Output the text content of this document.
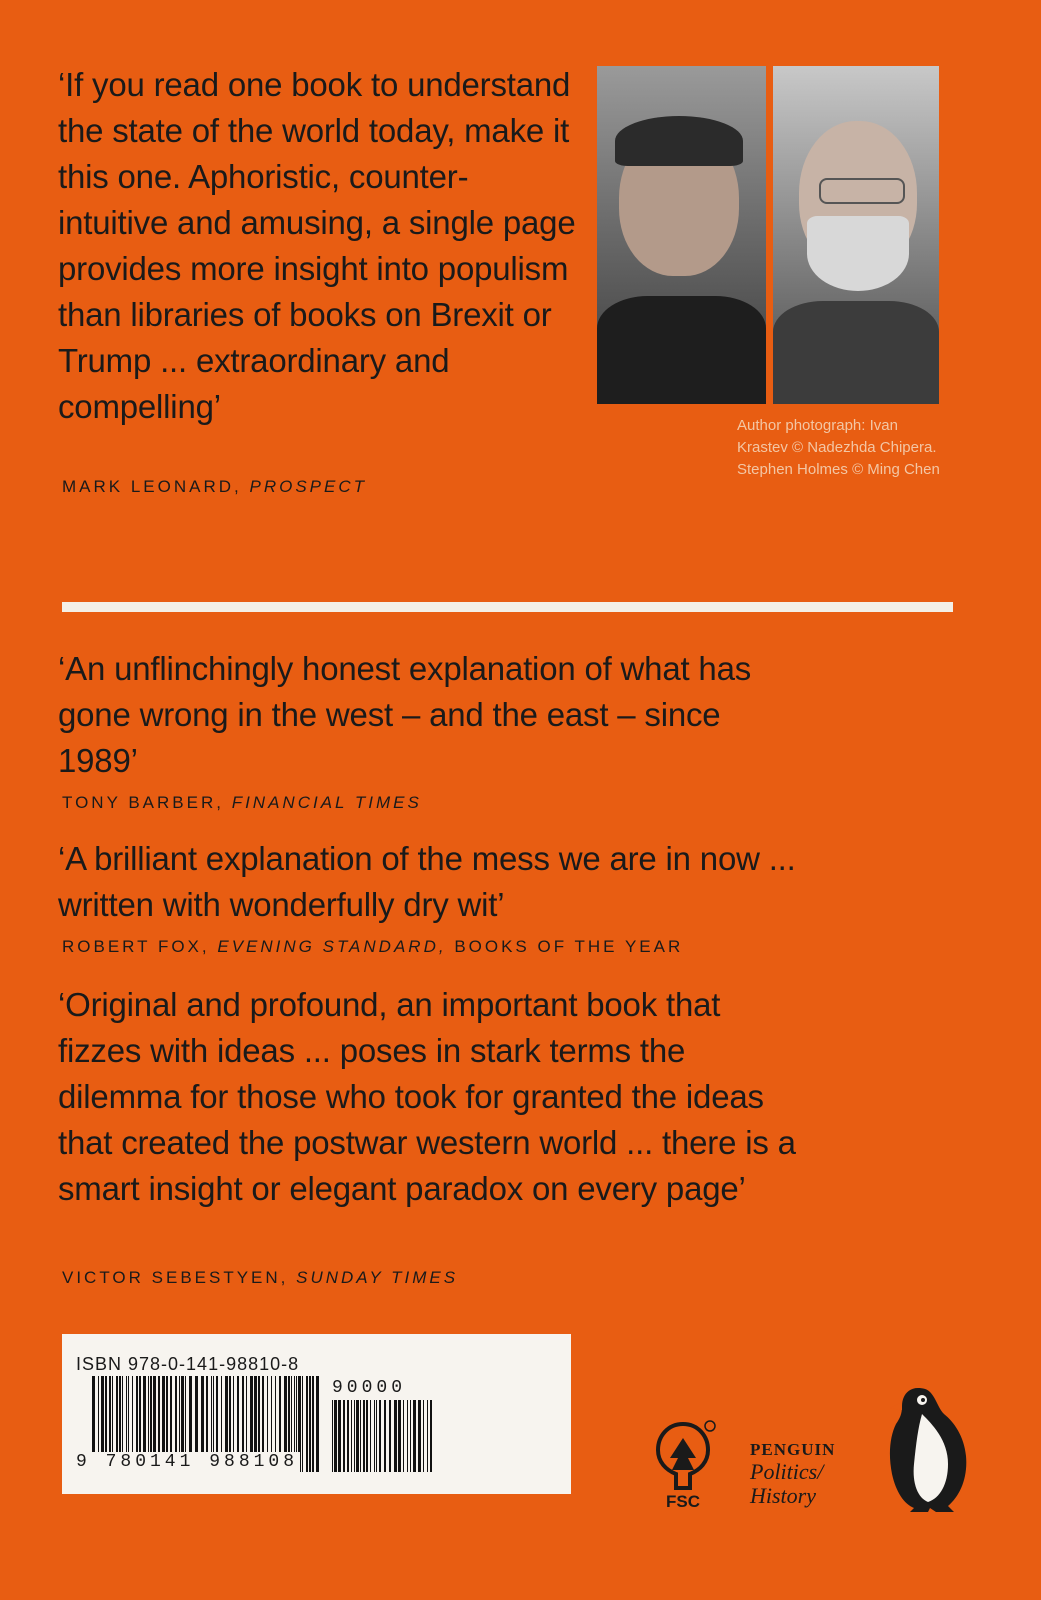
‘If you read one book to understand the state of the world today, make it this one. Aphoristic, counter-intuitive and amusing, a single page provides more insight into populism than libraries of books on Brexit or Trump ... extraordinary and compelling’

MARK LEONARD, PROSPECT
Author photograph: Ivan Krastev © Nadezhda Chipera. Stephen Holmes © Ming Chen

‘An unflinchingly honest explanation of what has gone wrong in the west – and the east – since 1989’

TONY BARBER, FINANCIAL TIMES

‘A brilliant explanation of the mess we are in now ... written with wonderfully dry wit’

ROBERT FOX, EVENING STANDARD, BOOKS OF THE YEAR

‘Original and profound, an important book that fizzes with ideas ... poses in stark terms the dilemma for those who took for granted the ideas that created the postwar western world ... there is a smart insight or elegant paradox on every page’

VICTOR SEBESTYEN, SUNDAY TIMES
ISBN 978-0-141-98810-8
90000
9 780141 988108
FSC
PENGUIN
Politics/
History
